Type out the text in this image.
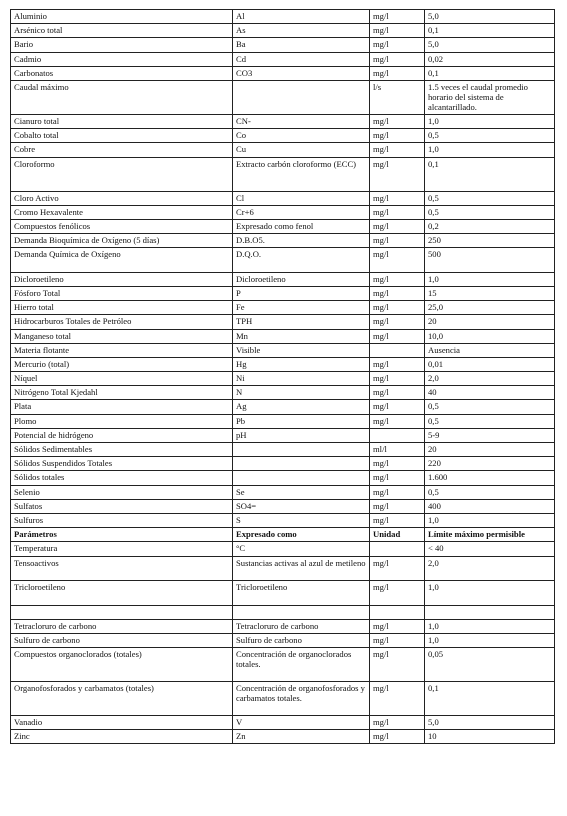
Aluminio	Al	mg/l	5,0
Arsénico total	As	mg/l	0,1
Bario	Ba	mg/l	5,0
Cadmio	Cd	mg/l	0,02
Carbonatos	CO3	mg/l	0,1
Caudal máximo		l/s	1.5 veces el caudal promedio horario del sistema de alcantarillado.
Cianuro total	CN-	mg/l	1,0
Cobalto total	Co	mg/l	0,5
Cobre	Cu	mg/l	1,0
Cloroformo	Extracto carbón cloroformo (ECC)	mg/l	0,1
Cloro Activo	Cl	mg/l	0,5
Cromo Hexavalente	Cr+6	mg/l	0,5
Compuestos fenólicos	Expresado como fenol	mg/l	0,2
Demanda Bioquímica de Oxígeno (5 días)	D.B.O5.	mg/l	250
Demanda Química de Oxígeno	D.Q.O.	mg/l	500
Dicloroetileno	Dicloroetileno	mg/l	1,0
Fósforo Total	P	mg/l	15
Hierro total	Fe	mg/l	25,0
Hidrocarburos Totales de Petróleo	TPH	mg/l	20
Manganeso total	Mn	mg/l	10,0
Materia flotante	Visible		Ausencia
Mercurio (total)	Hg	mg/l	0,01
Níquel	Ni	mg/l	2,0
Nitrógeno Total Kjedahl	N	mg/l	40
Plata	Ag	mg/l	0,5
Plomo	Pb	mg/l	0,5
Potencial de hidrógeno	pH		5-9
Sólidos Sedimentables		ml/l	20
Sólidos Suspendidos Totales		mg/l	220
Sólidos totales		mg/l	1.600
Selenio	Se	mg/l	0,5
Sulfatos	SO4=	mg/l	400
Sulfuros	S	mg/l	1,0
Parámetros	Expresado como	Unidad	Límite máximo permisible
Temperatura	°C		< 40
Tensoactivos	Sustancias activas al azul de metileno	mg/l	2,0
Tricloroetileno	Tricloroetileno	mg/l	1,0

Tetracloruro de carbono	Tetracloruro de carbono	mg/l	1,0
Sulfuro de carbono	Sulfuro de carbono	mg/l	1,0
Compuestos organoclorados (totales)	Concentración de organoclorados totales.	mg/l	0,05
Organofosforados y carbamatos (totales)	Concentración de organofosforados y carbamatos totales.	mg/l	0,1
Vanadio	V	mg/l	5,0
Zinc	Zn	mg/l	10
